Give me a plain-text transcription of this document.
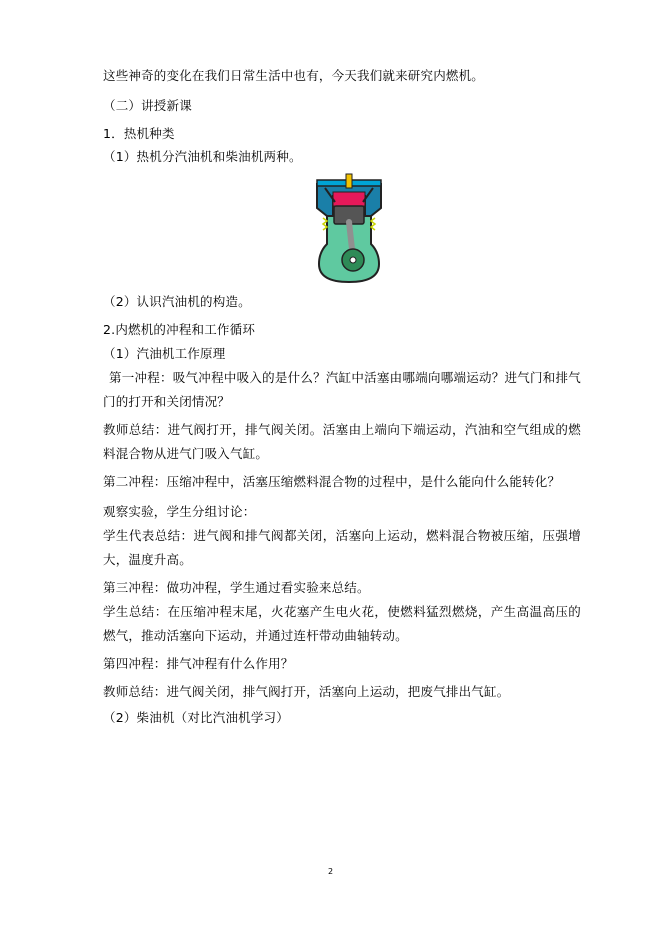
这些神奇的变化在我们日常生活中也有，今天我们就来研究内燃机。
（二）讲授新课
1．热机种类
（1）热机分汽油机和柴油机两种。
（2）认识汽油机的构造。
2.内燃机的冲程和工作循环
（1）汽油机工作原理
第一冲程：吸气冲程中吸入的是什么？汽缸中活塞由哪端向哪端运动？进气门和排气门的打开和关闭情况？
教师总结：进气阀打开，排气阀关闭。活塞由上端向下端运动，汽油和空气组成的燃料混合物从进气门吸入气缸。
第二冲程：压缩冲程中，活塞压缩燃料混合物的过程中，是什么能向什么能转化？
观察实验，学生分组讨论：
学生代表总结：进气阀和排气阀都关闭，活塞向上运动，燃料混合物被压缩，压强增大，温度升高。
第三冲程：做功冲程，学生通过看实验来总结。
学生总结：在压缩冲程末尾，火花塞产生电火花，使燃料猛烈燃烧，产生高温高压的燃气，推动活塞向下运动，并通过连杆带动曲轴转动。
第四冲程：排气冲程有什么作用？
教师总结：进气阀关闭，排气阀打开，活塞向上运动，把废气排出气缸。
（2）柴油机（对比汽油机学习）
2
